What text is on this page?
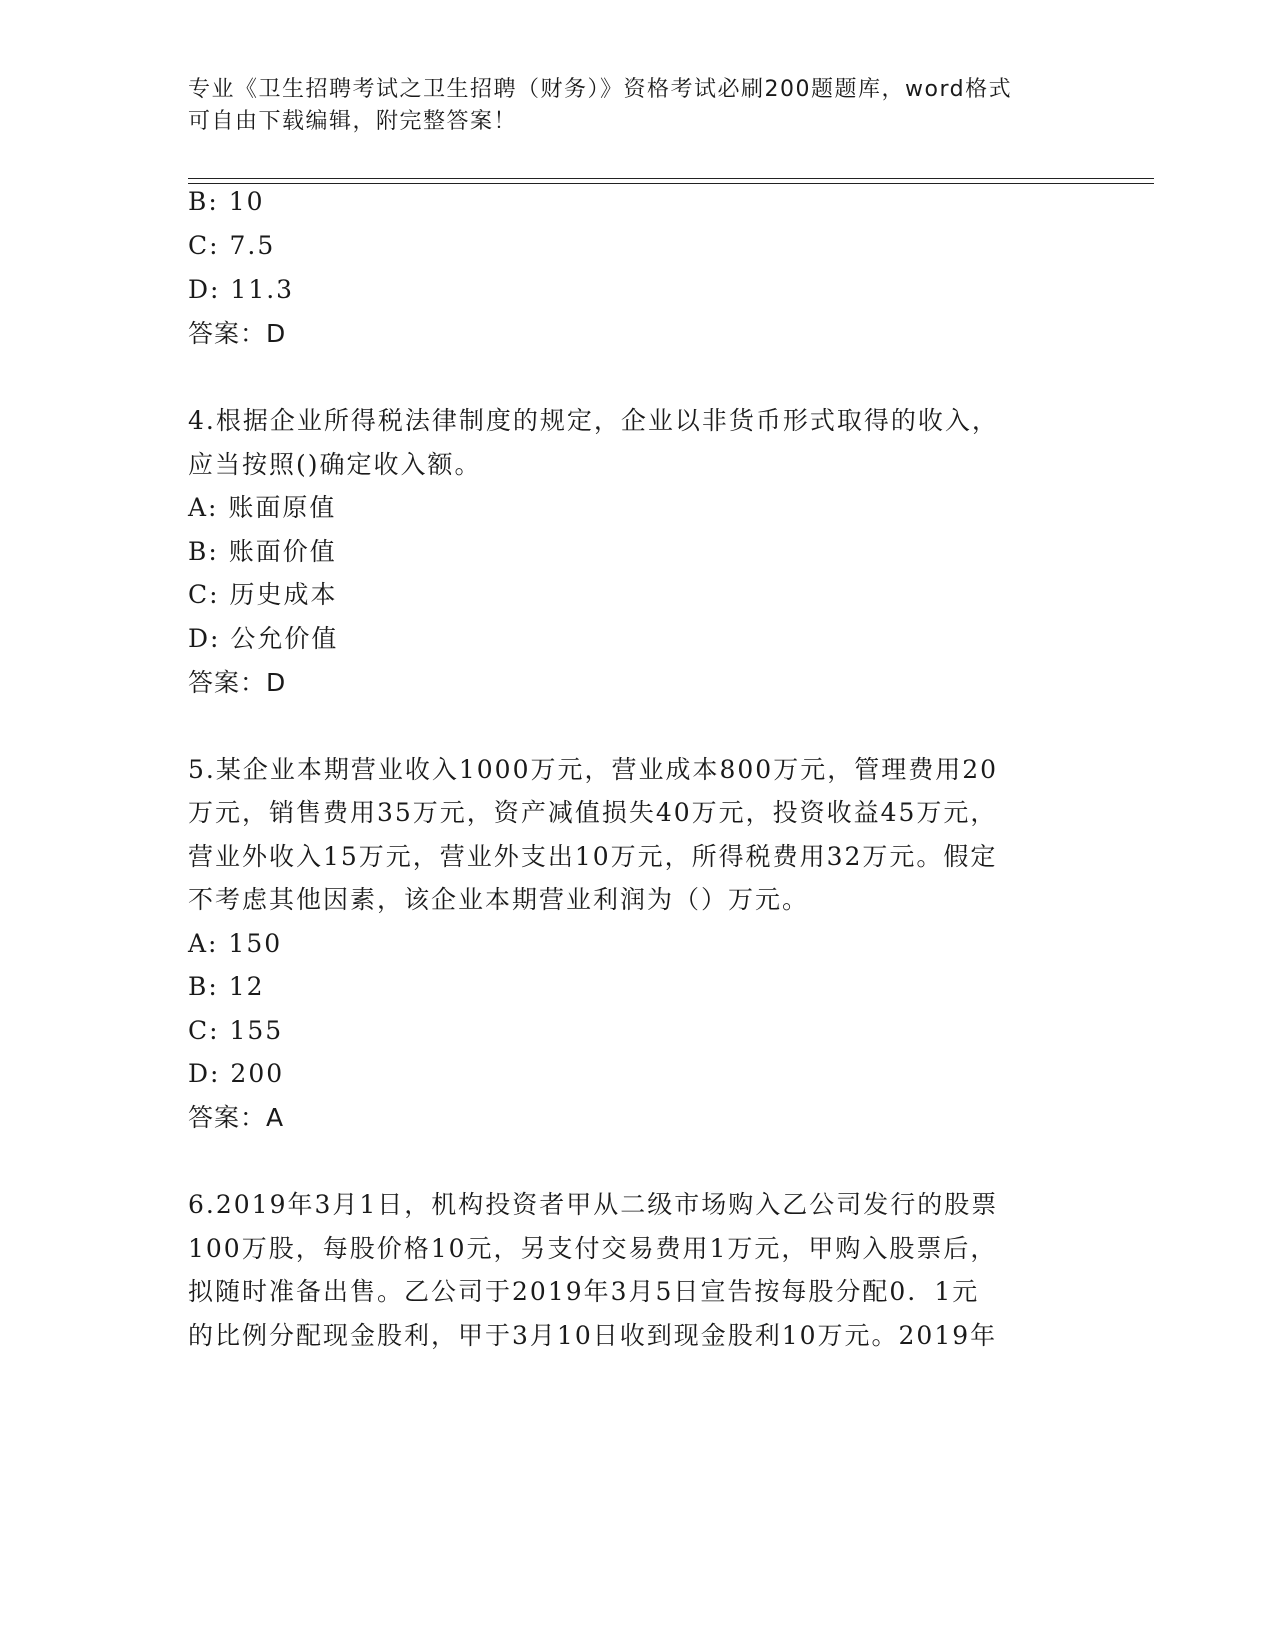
专业《卫生招聘考试之卫生招聘（财务）》资格考试必刷200题题库，word格式
可自由下载编辑，附完整答案！
B: 10
C: 7.5
D: 11.3
答案：D
4.根据企业所得税法律制度的规定，企业以非货币形式取得的收入，
应当按照()确定收入额。
A: 账面原值
B: 账面价值
C: 历史成本
D: 公允价值
答案：D
5.某企业本期营业收入1000万元，营业成本800万元，管理费用20
万元，销售费用35万元，资产减值损失40万元，投资收益45万元，
营业外收入15万元，营业外支出10万元，所得税费用32万元。假定
不考虑其他因素，该企业本期营业利润为（）万元。
A: 150
B: 12
C: 155
D: 200
答案：A
6.2019年3月1日，机构投资者甲从二级市场购入乙公司发行的股票
100万股，每股价格10元，另支付交易费用1万元，甲购入股票后，
拟随时准备出售。乙公司于2019年3月5日宣告按每股分配0．1元
的比例分配现金股利，甲于3月10日收到现金股利10万元。2019年
